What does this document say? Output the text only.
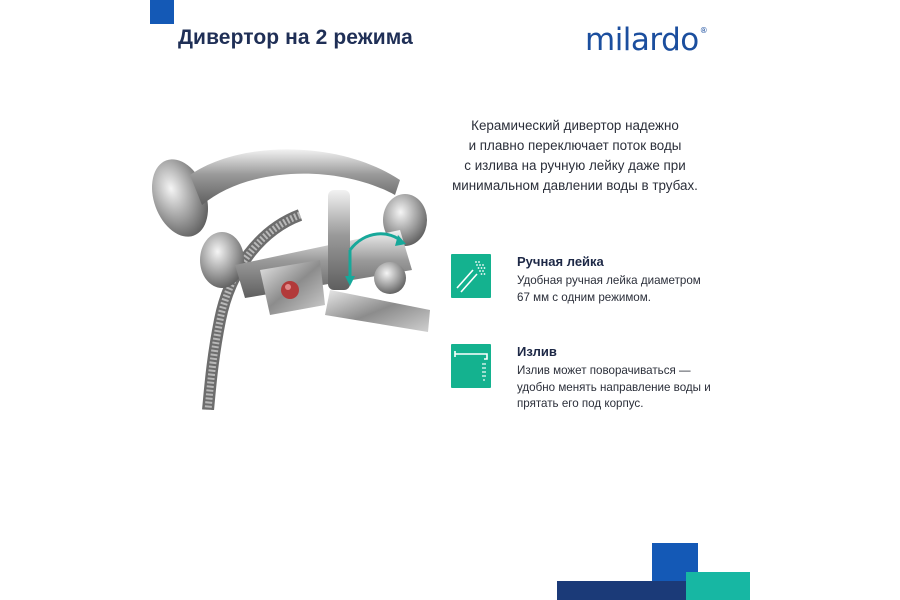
Дивертор на 2 режима	milardo®

Керамический дивертор надежно
и плавно переключает поток воды
с излива на ручную лейку даже при
минимальном давлении воды в трубах.

Ручная лейка

Удобная ручная лейка диаметром
67 мм с одним режимом.

Излив

Излив может поворачиваться —
удобно менять направление воды и
прятать его под корпус.
